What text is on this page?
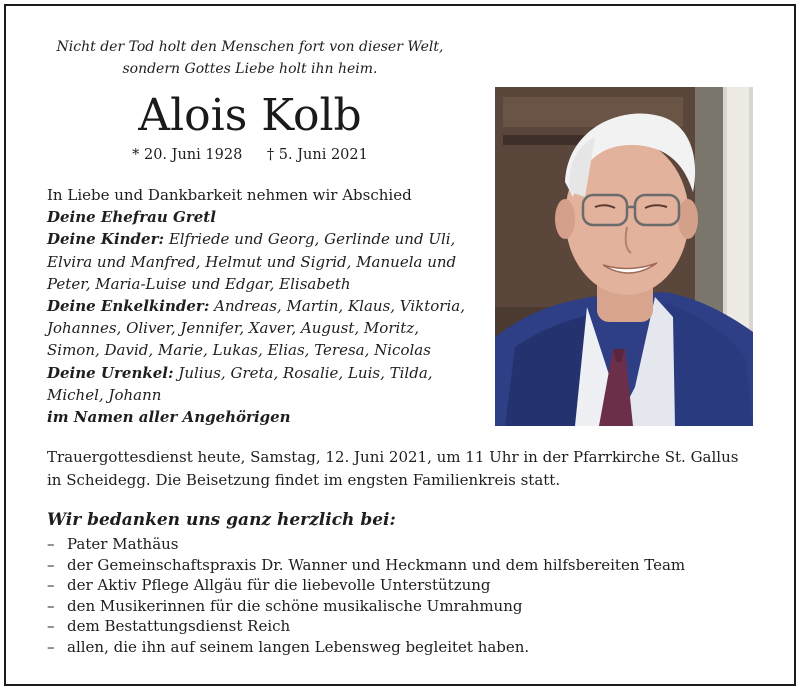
Nicht der Tod holt den Menschen fort von dieser Welt,
sondern Gottes Liebe holt ihn heim.
Alois Kolb
* 20. Juni 1928 † 5. Juni 2021

In Liebe und Dankbarkeit nehmen wir Abschied

Deine Ehefrau Gretl

Deine Kinder: Elfriede und Georg, Gerlinde und Uli,

Elvira und Manfred, Helmut und Sigrid, Manuela und

Peter, Maria-Luise und Edgar, Elisabeth

Deine Enkelkinder: Andreas, Martin, Klaus, Viktoria,

Johannes, Oliver, Jennifer, Xaver, August, Moritz,

Simon, David, Marie, Lukas, Elias, Teresa, Nicolas

Deine Urenkel: Julius, Greta, Rosalie, Luis, Tilda,

Michel, Johann

im Namen aller Angehörigen

Trauergottesdienst heute, Samstag, 12. Juni 2021, um 11 Uhr in der Pfarrkirche St. Gallus
in Scheidegg. Die Beisetzung findet im engsten Familienkreis statt.
Wir bedanken uns ganz herzlich bei:
– Pater Mathäus
– der Gemeinschaftspraxis Dr. Wanner und Heckmann und dem hilfsbereiten Team
– der Aktiv Pflege Allgäu für die liebevolle Unterstützung
– den Musikerinnen für die schöne musikalische Umrahmung
– dem Bestattungsdienst Reich
– allen, die ihn auf seinem langen Lebensweg begleitet haben.
